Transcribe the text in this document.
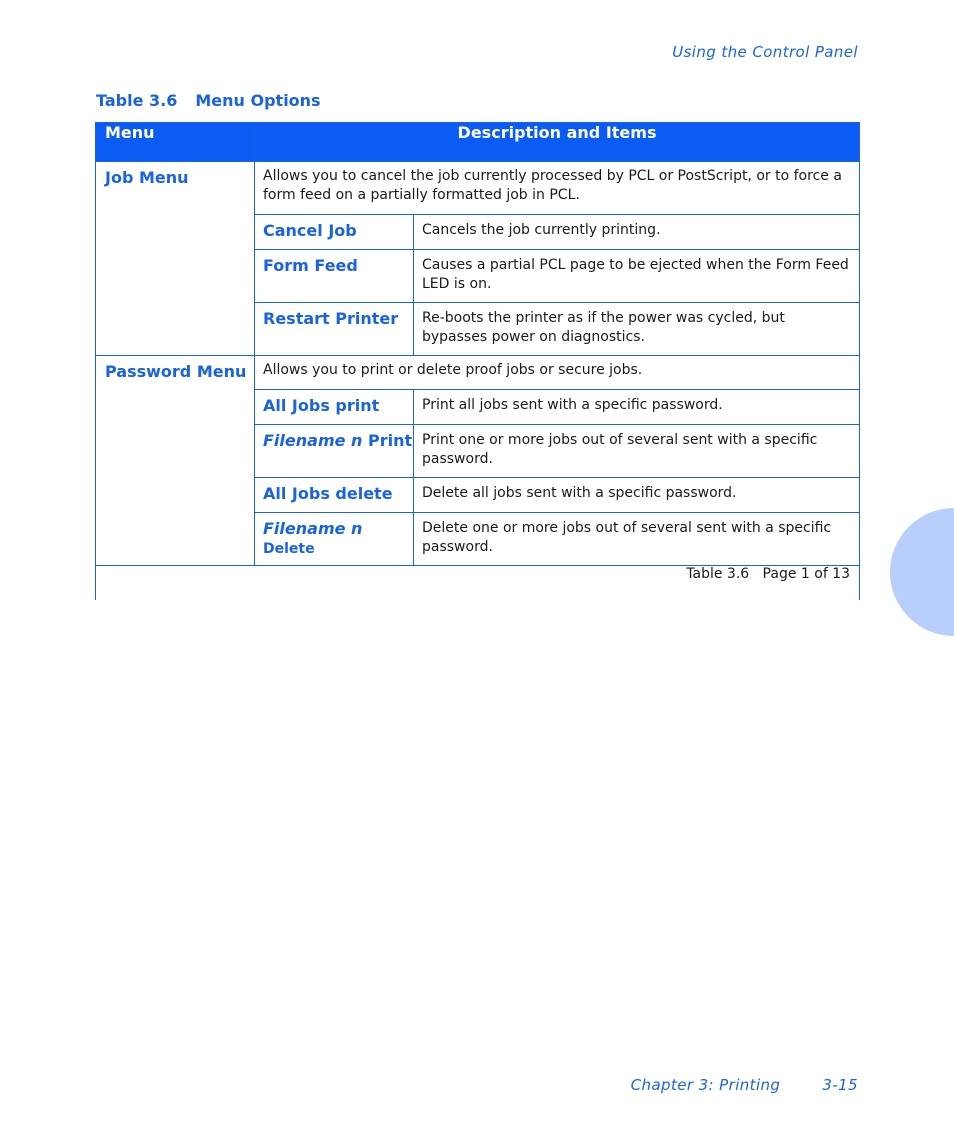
Using the Control Panel
Table 3.6 Menu Options
Menu	Description and Items	
Job Menu	Allows you to cancel the job currently processed by PCL or PostScript, or to force a form feed on a partially formatted job in PCL.	
	Cancel Job	Cancels the job currently printing.
	Form Feed	Causes a partial PCL page to be ejected when the Form Feed LED is on.
	Restart Printer	Re-boots the printer as if the power was cycled, but bypasses power on diagnostics.
Password Menu	Allows you to print or delete proof jobs or secure jobs.	
	All Jobs print	Print all jobs sent with a specific password.
	Filename n Print	Print one or more jobs out of several sent with a specific password.
	All Jobs delete	Delete all jobs sent with a specific password.
	Filename n Delete	Delete one or more jobs out of several sent with a specific password.
Table 3.6   Page 1 of 13		
Chapter 3: Printing	3-15
